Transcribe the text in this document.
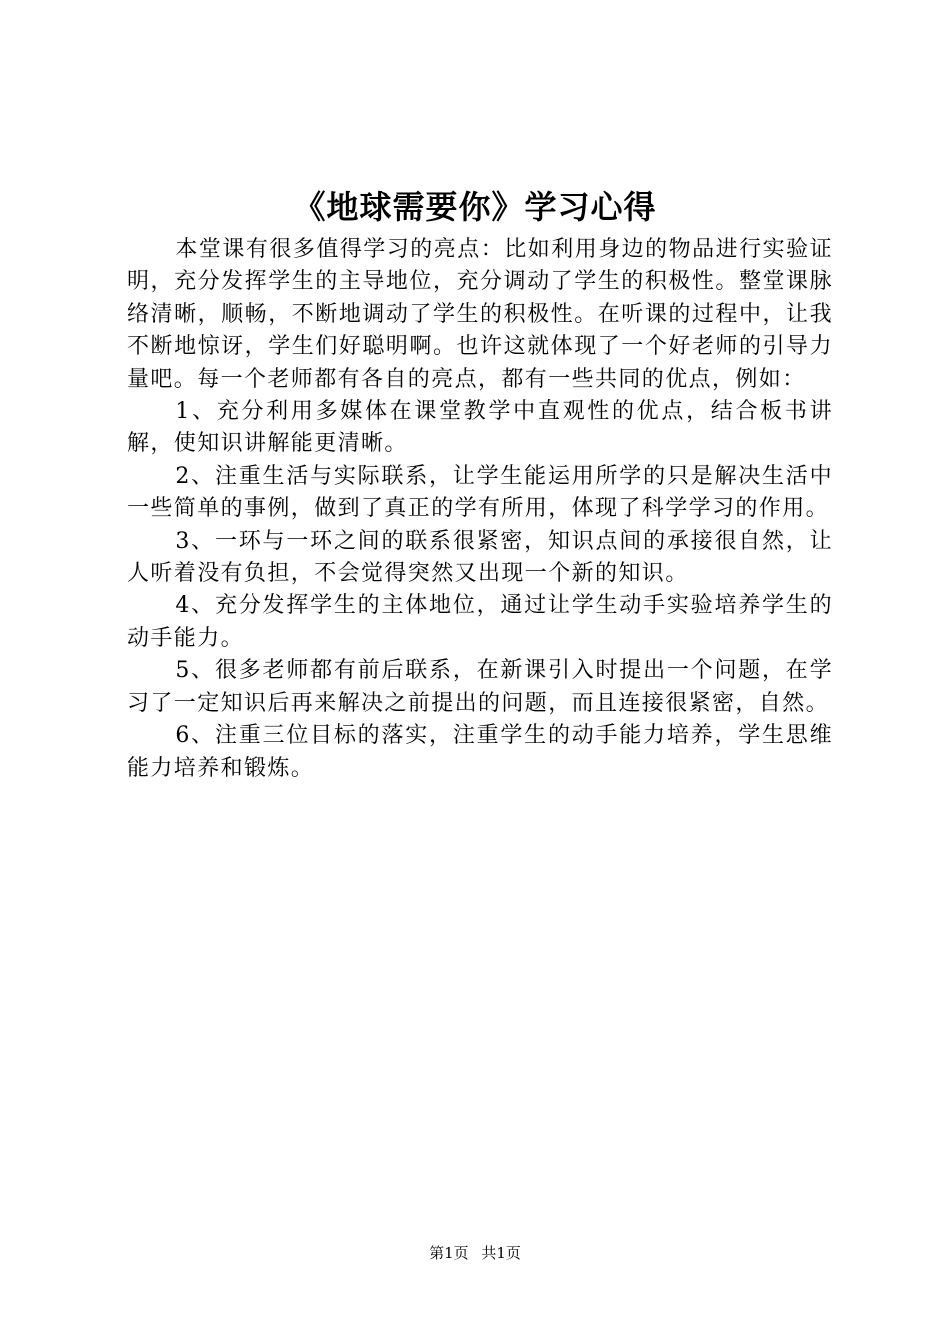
《地球需要你》学习心得

本堂课有很多值得学习的亮点：比如利用身边的物品进行实验证明，充分发挥学生的主导地位，充分调动了学生的积极性。整堂课脉络清晰，顺畅，不断地调动了学生的积极性。在听课的过程中，让我不断地惊讶，学生们好聪明啊。也许这就体现了一个好老师的引导力量吧。每一个老师都有各自的亮点，都有一些共同的优点，例如：

1、充分利用多媒体在课堂教学中直观性的优点，结合板书讲解，使知识讲解能更清晰。

2、注重生活与实际联系，让学生能运用所学的只是解决生活中一些简单的事例，做到了真正的学有所用，体现了科学学习的作用。

3、一环与一环之间的联系很紧密，知识点间的承接很自然，让人听着没有负担，不会觉得突然又出现一个新的知识。

4、充分发挥学生的主体地位，通过让学生动手实验培养学生的动手能力。

5、很多老师都有前后联系，在新课引入时提出一个问题，在学习了一定知识后再来解决之前提出的问题，而且连接很紧密，自然。

6、注重三位目标的落实，注重学生的动手能力培养，学生思维能力培养和锻炼。

第1页 共1页
